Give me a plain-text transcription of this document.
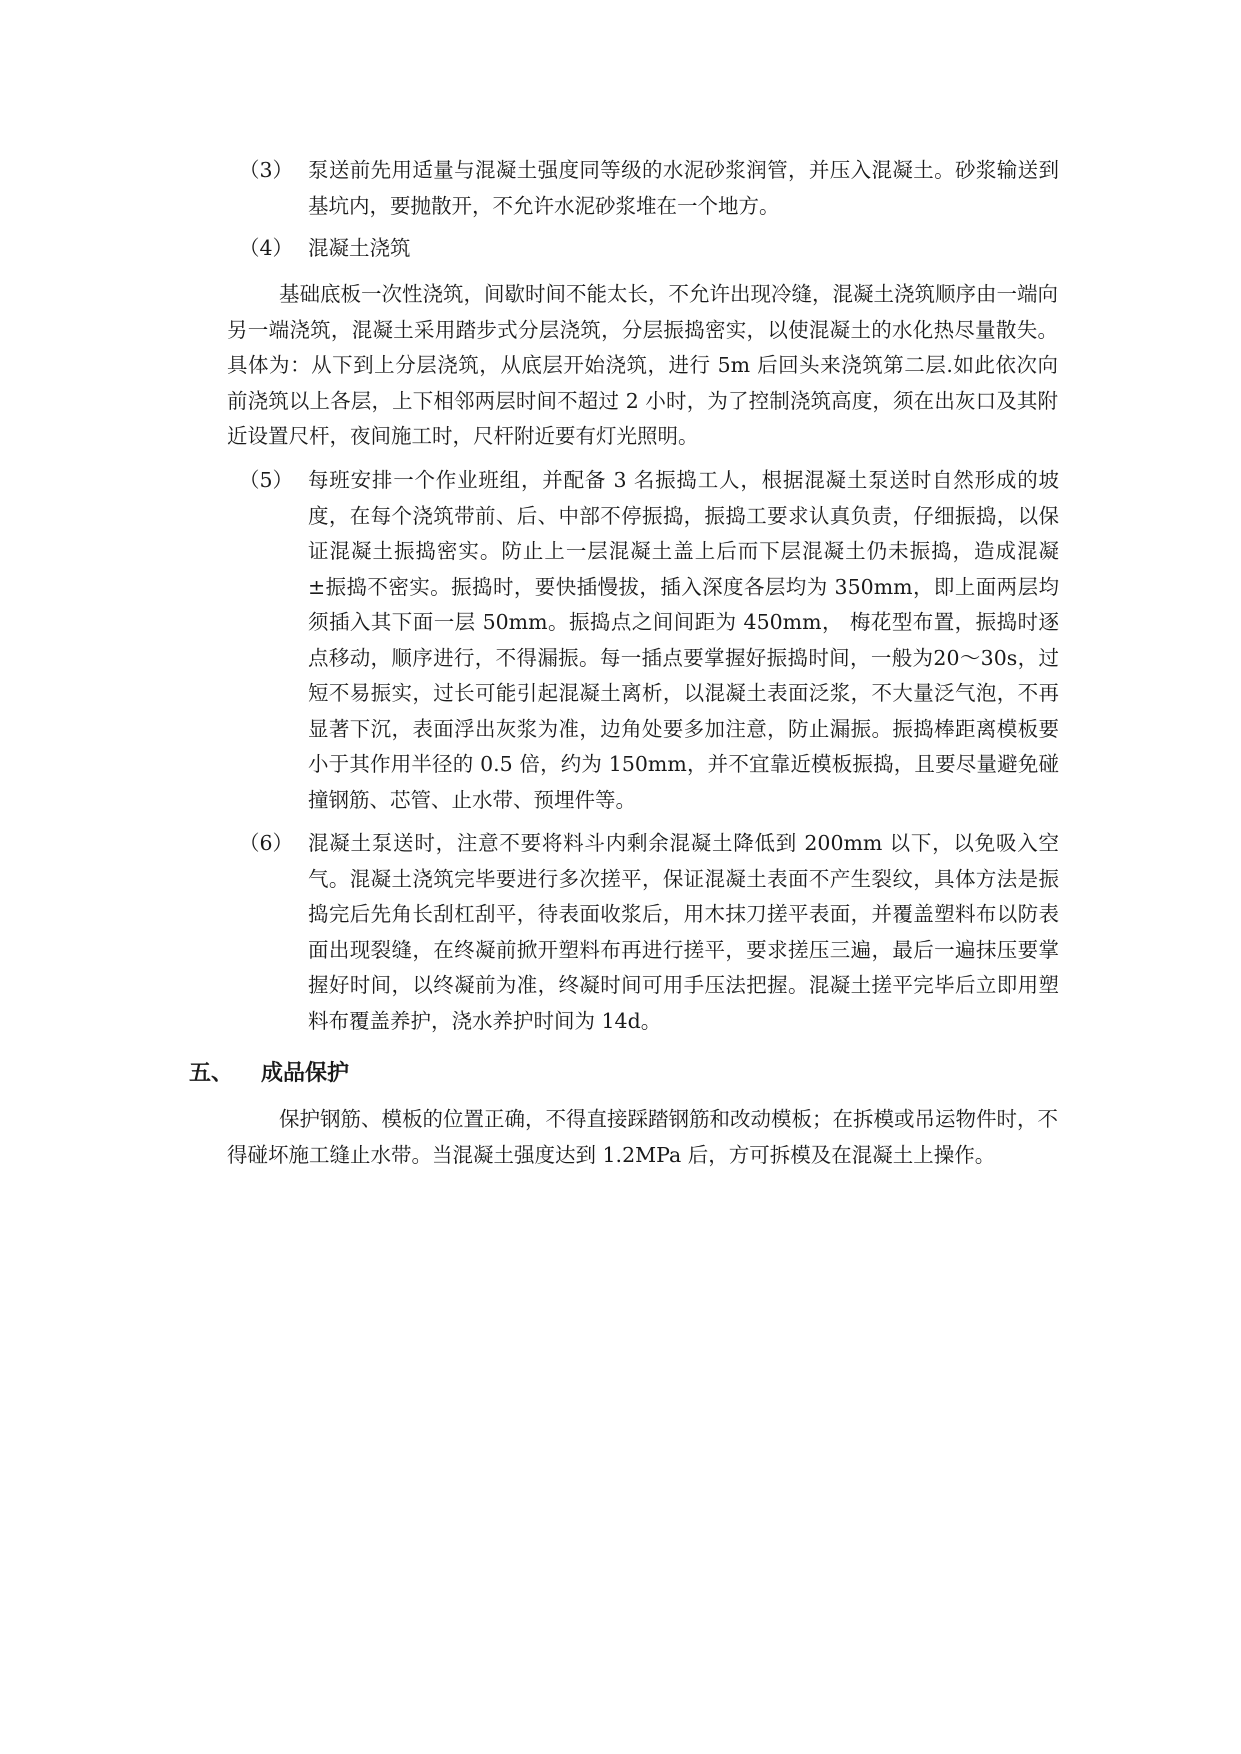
（3） 泵送前先用适量与混凝土强度同等级的水泥砂浆润管，并压入混凝土。砂浆输送到基坑内，要抛散开，不允许水泥砂浆堆在一个地方。
（4） 混凝土浇筑
基础底板一次性浇筑，间歇时间不能太长，不允许出现冷缝，混凝土浇筑顺序由一端向另一端浇筑，混凝土采用踏步式分层浇筑，分层振捣密实，以使混凝土的水化热尽量散失。具体为：从下到上分层浇筑，从底层开始浇筑，进行 5m 后回头来浇筑第二层.如此依次向前浇筑以上各层，上下相邻两层时间不超过 2 小时，为了控制浇筑高度，须在出灰口及其附近设置尺杆，夜间施工时，尺杆附近要有灯光照明。
（5） 每班安排一个作业班组，并配备 3 名振捣工人，根据混凝土泵送时自然形成的坡度，在每个浇筑带前、后、中部不停振捣，振捣工要求认真负责，仔细振捣，以保证混凝土振捣密实。防止上一层混凝土盖上后而下层混凝土仍未振捣，造成混凝±振捣不密实。振捣时，要快插慢拔，插入深度各层均为 350mm，即上面两层均须插入其下面一层 50mm。振捣点之间间距为 450mm， 梅花型布置，振捣时逐点移动，顺序进行，不得漏振。每一插点要掌握好振捣时间，一般为20～30s，过短不易振实，过长可能引起混凝土离析，以混凝土表面泛浆，不大量泛气泡，不再显著下沉，表面浮出灰浆为准，边角处要多加注意，防止漏振。振捣棒距离模板要小于其作用半径的 0.5 倍，约为 150mm，并不宜靠近模板振捣，且要尽量避免碰撞钢筋、芯管、止水带、预埋件等。
（6） 混凝土泵送时，注意不要将料斗内剩余混凝土降低到 200mm 以下，以免吸入空气。混凝土浇筑完毕要进行多次搓平，保证混凝土表面不产生裂纹，具体方法是振捣完后先角长刮杠刮平，待表面收浆后，用木抹刀搓平表面，并覆盖塑料布以防表面出现裂缝，在终凝前掀开塑料布再进行搓平，要求搓压三遍，最后一遍抹压要掌握好时间，以终凝前为准，终凝时间可用手压法把握。混凝土搓平完毕后立即用塑料布覆盖养护，浇水养护时间为 14d。
五、 成品保护
保护钢筋、模板的位置正确，不得直接踩踏钢筋和改动模板；在拆模或吊运物件时，不得碰坏施工缝止水带。当混凝土强度达到 1.2MPa 后，方可拆模及在混凝土上操作。
